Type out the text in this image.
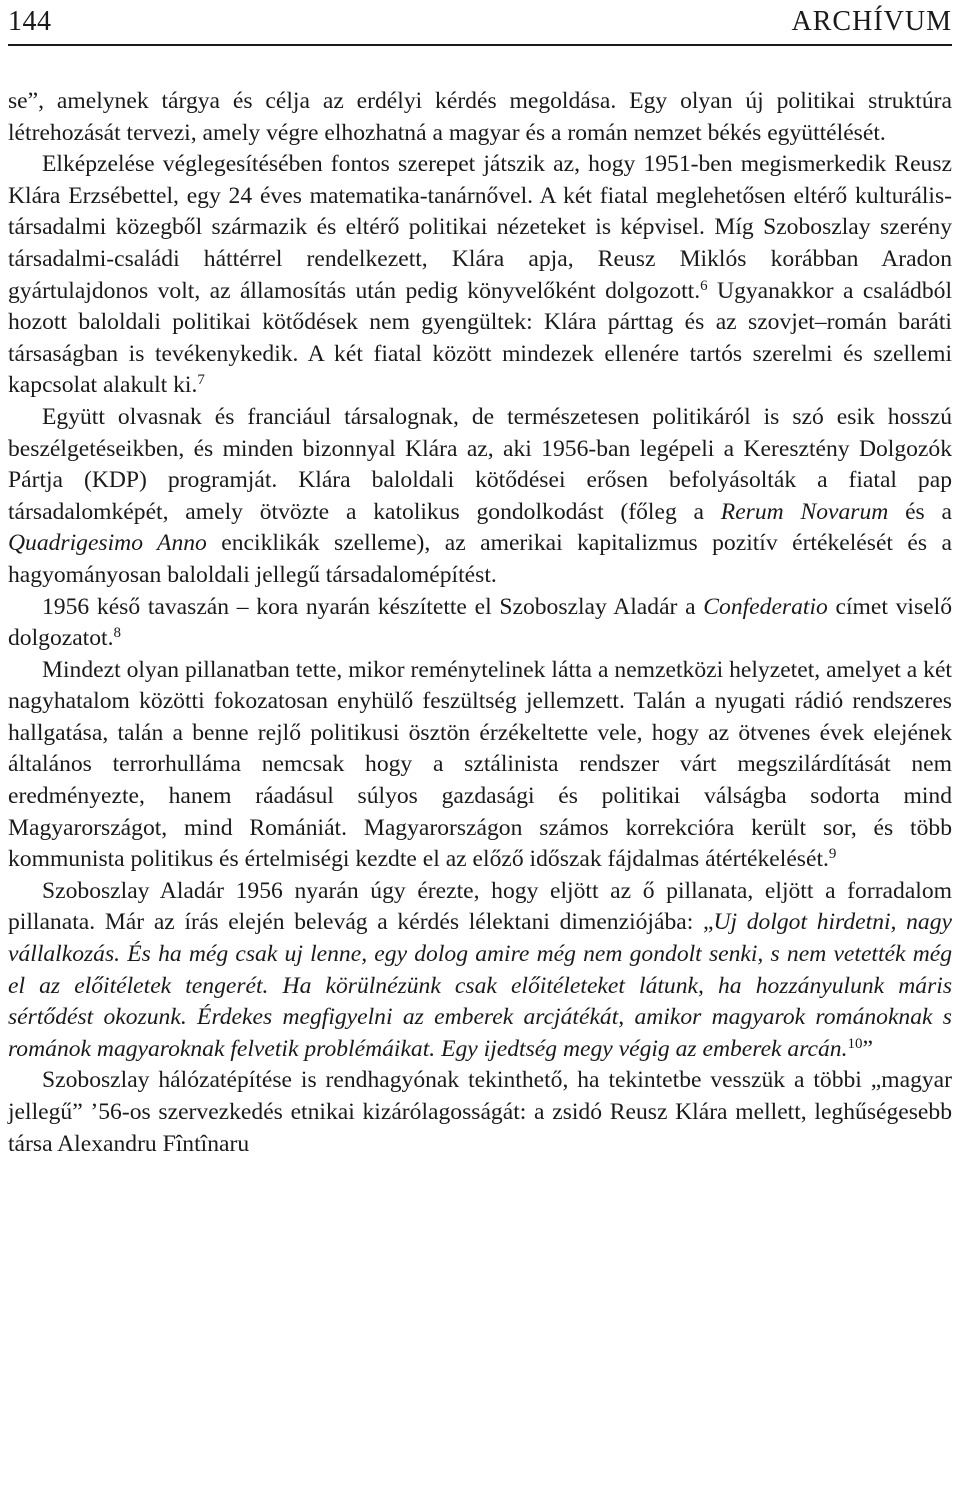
144	ARCHÍVUM

se”, amelynek tárgya és célja az erdélyi kérdés megoldása. Egy olyan új politikai struktúra létrehozását tervezi, amely végre elhozhatná a magyar és a román nemzet békés együttélését.

Elképzelése véglegesítésében fontos szerepet játszik az, hogy 1951-ben megismerkedik Reusz Klára Erzsébettel, egy 24 éves matematika-tanárnővel. A két fiatal meglehetősen eltérő kulturális-társadalmi közegből származik és eltérő politikai nézeteket is képvisel. Míg Szoboszlay szerény társadalmi-családi háttérrel rendelkezett, Klára apja, Reusz Miklós korábban Aradon gyártulajdonos volt, az államosítás után pedig könyvelőként dolgozott.$^6$ Ugyanakkor a családból hozott baloldali politikai kötődések nem gyengültek: Klára párttag és az szovjet–román baráti társaságban is tevékenykedik. A két fiatal között mindezek ellenére tartós szerelmi és szellemi kapcsolat alakult ki.$^7$

Együtt olvasnak és franciául társalognak, de természetesen politikáról is szó esik hosszú beszélgetéseikben, és minden bizonnyal Klára az, aki 1956-ban legépeli a Keresztény Dolgozók Pártja (KDP) programját. Klára baloldali kötődései erősen befolyásolták a fiatal pap társadalomképét, amely ötvözte a katolikus gondolkodást (főleg a Rerum Novarum és a Quadrigesimo Anno enciklikák szelleme), az amerikai kapitalizmus pozitív értékelését és a hagyományosan baloldali jellegű társadalomépítést.

1956 késő tavaszán – kora nyarán készítette el Szoboszlay Aladár a Confederatio címet viselő dolgozatot.$^8$

Mindezt olyan pillanatban tette, mikor reménytelinek látta a nemzetközi helyzetet, amelyet a két nagyhatalom közötti fokozatosan enyhülő feszültség jellemzett. Talán a nyugati rádió rendszeres hallgatása, talán a benne rejlő politikusi ösztön érzékeltette vele, hogy az ötvenes évek elejének általános terrorhulláma nemcsak hogy a sztálinista rendszer várt megszilárdítását nem eredményezte, hanem ráadásul súlyos gazdasági és politikai válságba sodorta mind Magyarországot, mind Romániát. Magyarországon számos korrekcióra került sor, és több kommunista politikus és értelmiségi kezdte el az előző időszak fájdalmas átértékelését.$^9$

Szoboszlay Aladár 1956 nyarán úgy érezte, hogy eljött az ő pillanata, eljött a forradalom pillanata. Már az írás elején belevág a kérdés lélektani dimenziójába: „Uj dolgot hirdetni, nagy vállalkozás. És ha még csak uj lenne, egy dolog amire még nem gondolt senki, s nem vetették még el az előitéletek tengerét. Ha körülnézünk csak előitéleteket látunk, ha hozzányulunk máris sértődést okozunk. Érdekes megfigyelni az emberek arcjátékát, amikor magyarok románoknak s románok magyaroknak felvetik problémáikat. Egy ijedtség megy végig az emberek arcán.$^{10}$”

Szoboszlay hálózatépítése is rendhagyónak tekinthető, ha tekintetbe vesszük a többi „magyar jellegű” ’56-os szervezkedés etnikai kizárólagosságát: a zsidó Reusz Klára mellett, leghűségesebb társa Alexandru Fîntînaru
